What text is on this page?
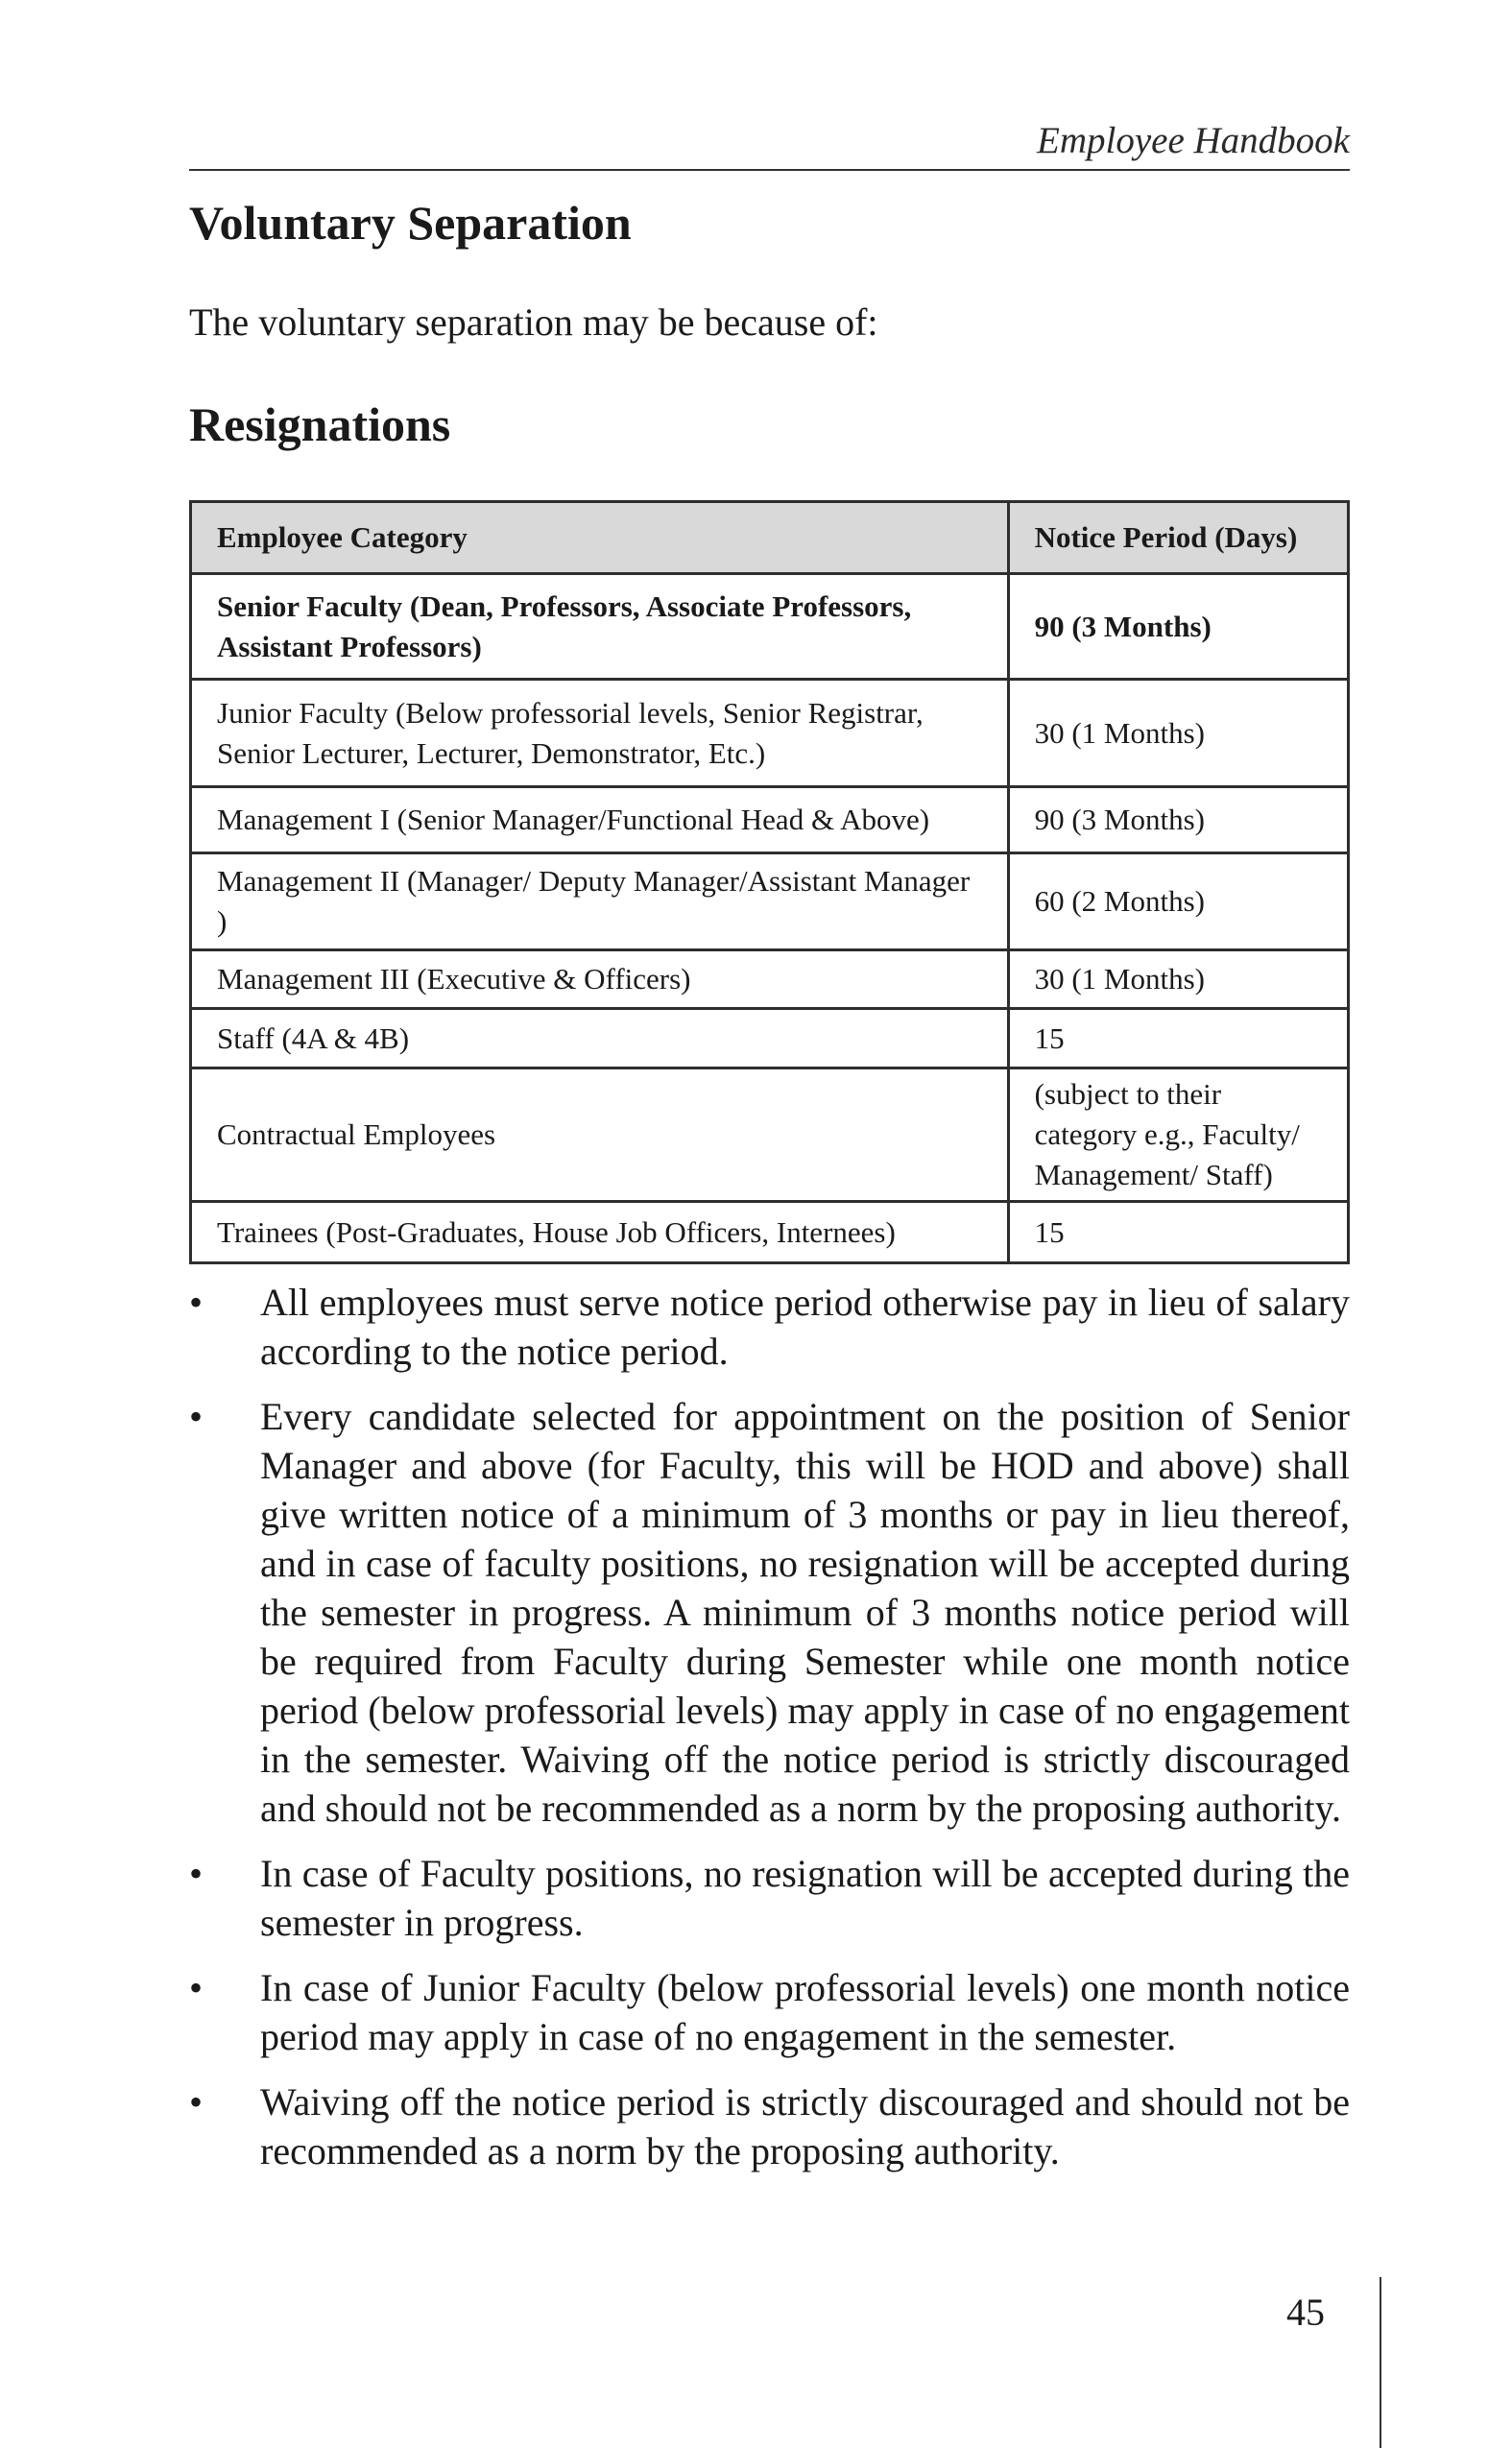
Employee Handbook
Voluntary Separation

The voluntary separation may be because of:

Resignations
Employee Category	Notice Period (Days)
Senior Faculty (Dean, Professors, Associate Professors, Assistant Professors)	90 (3 Months)
Junior Faculty (Below professorial levels, Senior Registrar, Senior Lecturer, Lecturer, Demonstrator, Etc.)	30 (1 Months)
Management I (Senior Manager/Functional Head & Above)	90 (3 Months)
Management II (Manager/ Deputy Manager/Assistant Manager )	60 (2 Months)
Management III (Executive & Officers)	30 (1 Months)
Staff (4A & 4B)	15
Contractual Employees	(subject to their category e.g., Faculty/ Management/ Staff)
Trainees (Post-Graduates, House Job Officers, Internees)	15
• All employees must serve notice period otherwise pay in lieu of salary according to the notice period.
• Every candidate selected for appointment on the position of Senior Manager and above (for Faculty, this will be HOD and above) shall give written notice of a minimum of 3 months or pay in lieu thereof, and in case of faculty positions, no resignation will be accepted during the semester in progress. A minimum of 3 months notice period will be required from Faculty during Semester while one month notice period (below professorial levels) may apply in case of no engagement in the semester. Waiving off the notice period is strictly discouraged and should not be recommended as a norm by the proposing authority.
• In case of Faculty positions, no resignation will be accepted during the semester in progress.
• In case of Junior Faculty (below professorial levels) one month notice period may apply in case of no engagement in the semester.
• Waiving off the notice period is strictly discouraged and should not be recommended as a norm by the proposing authority.
45
